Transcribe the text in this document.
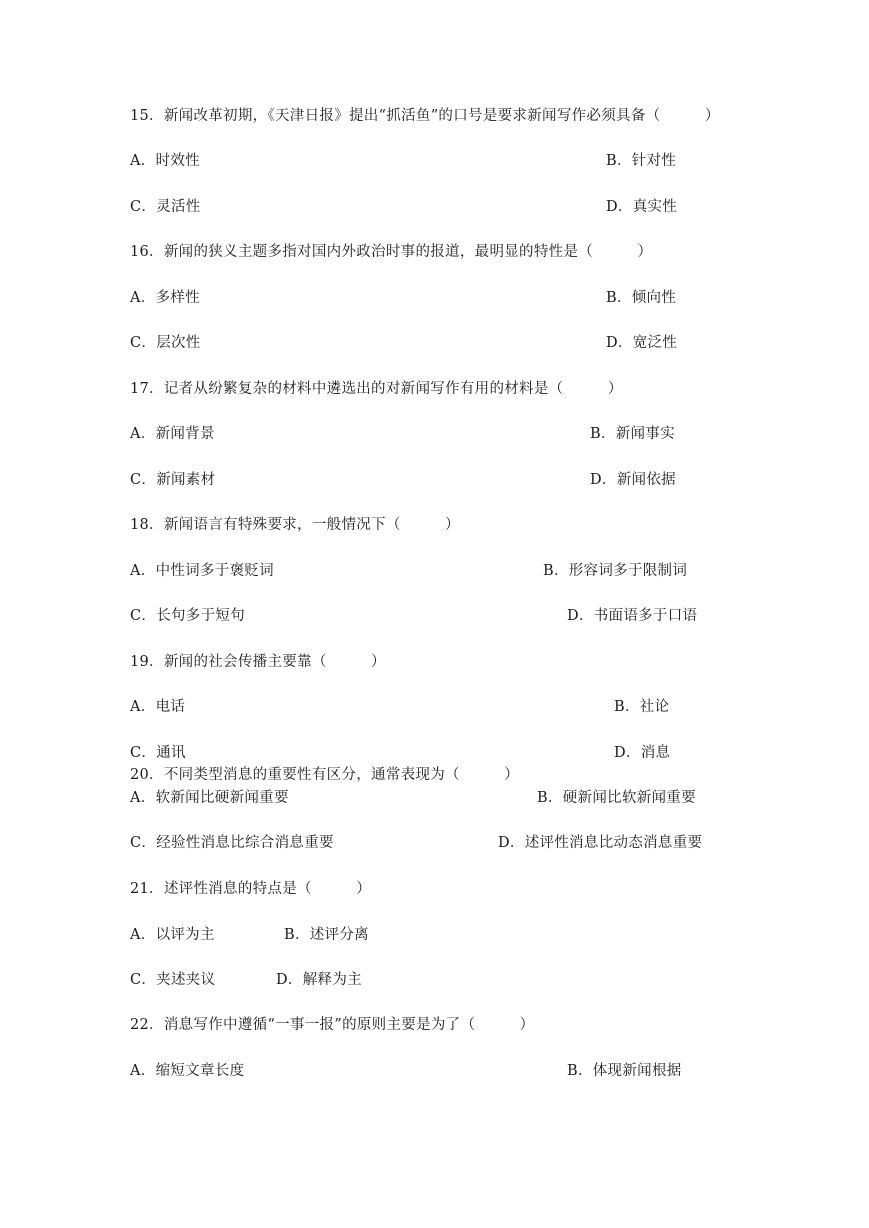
15．新闻改革初期，《天津日报》提出“抓活鱼”的口号是要求新闻写作必须具备（　　　）
A．时效性	B．针对性
C．灵活性	D．真实性
16．新闻的狭义主题多指对国内外政治时事的报道，最明显的特性是（　　　）
A．多样性	B．倾向性
C．层次性	D．宽泛性
17．记者从纷繁复杂的材料中遴选出的对新闻写作有用的材料是（　　　）
A．新闻背景	B．新闻事实
C．新闻素材	D．新闻依据
18．新闻语言有特殊要求，一般情况下（　　　）
A．中性词多于褒贬词	B．形容词多于限制词
C．长句多于短句	D．书面语多于口语
19．新闻的社会传播主要靠（　　　）
A．电话	B．社论
C．通讯	D．消息
20．不同类型消息的重要性有区分，通常表现为（　　　）
A．软新闻比硬新闻重要	B．硬新闻比软新闻重要
C．经验性消息比综合消息重要	D．述评性消息比动态消息重要
21．述评性消息的特点是（　　　）
A．以评为主	B．述评分离
C．夹述夹议	D．解释为主
22．消息写作中遵循“一事一报”的原则主要是为了（　　　）
A．缩短文章长度	B．体现新闻根据
